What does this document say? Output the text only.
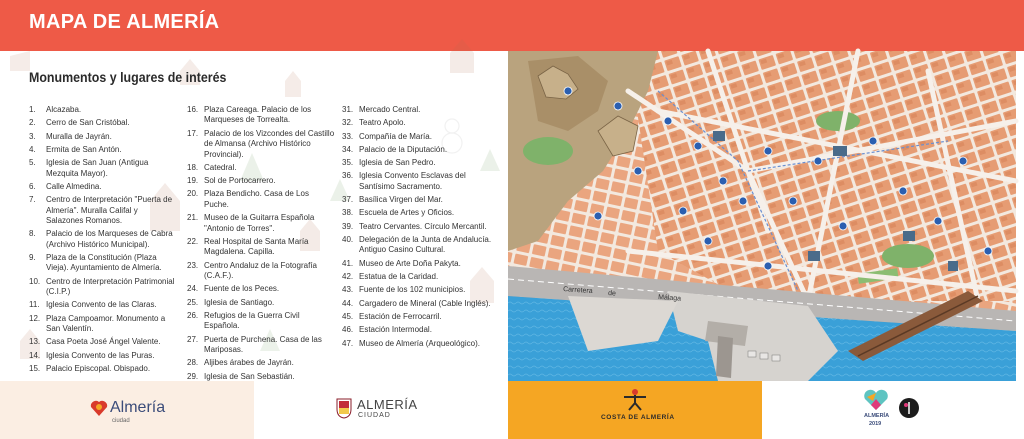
MAPA DE ALMERÍA
Monumentos y lugares de interés
1.	Alcazaba.
2.	Cerro de San Cristóbal.
3.	Muralla de Jayrán.
4.	Ermita de San Antón.
5.	Iglesia de San Juan (Antigua Mezquita Mayor).
6.	Calle Almedina.
7.	Centro de Interpretación "Puerta de Almería". Muralla Califal y Salazones Romanos.
8.	Palacio de los Marqueses de Cabra (Archivo Histórico Municipal).
9.	Plaza de la Constitución (Plaza Vieja). Ayuntamiento de Almería.
10. Centro de Interpretación Patrimonial (C.I.P.)
11. Iglesia Convento de las Claras.
12. Plaza Campoamor. Monumento a San Valentín.
13. Casa Poeta José Ángel Valente.
14. Iglesia Convento de las Puras.
15. Palacio Episcopal. Obispado.
16. Plaza Careaga. Palacio de los Marqueses de Torrealta.
17. Palacio de los Vizcondes del Castillo de Almansa (Archivo Histórico Provincial).
18. Catedral.
19. Sol de Portocarrero.
20. Plaza Bendicho. Casa de Los Puche.
21. Museo de la Guitarra Española "Antonio de Torres".
22. Real Hospital de Santa María Magdalena. Capilla.
23. Centro Andaluz de la Fotografía (C.A.F.).
24. Fuente de los Peces.
25. Iglesia de Santiago.
26. Refugios de la Guerra Civil Española.
27. Puerta de Purchena. Casa de las Mariposas.
28. Aljibes árabes de Jayrán.
29. Iglesia de San Sebastián.
31. Mercado Central.
32. Teatro Apolo.
33. Compañía de María.
34. Palacio de la Diputación.
35. Iglesia de San Pedro.
36. Iglesia Convento Esclavas del Santísimo Sacramento.
37. Basílica Virgen del Mar.
38. Escuela de Artes y Oficios.
39. Teatro Cervantes. Círculo Mercantil.
40. Delegación de la Junta de Andalucía. Antiguo Casino Cultural.
41. Museo de Arte Doña Pakyta.
42. Estatua de la Caridad.
43. Fuente de los 102 municipios.
44. Cargadero de Mineral (Cable Inglés).
45. Estación de Ferrocarril.
46. Estación Intermodal.
47. Museo de Almería (Arqueológico).
Carretera de
Málaga
Almería
ciudad
ALMERÍA
CIUDAD	COSTA DE ALMERÍA	ALMERÍA
2019
